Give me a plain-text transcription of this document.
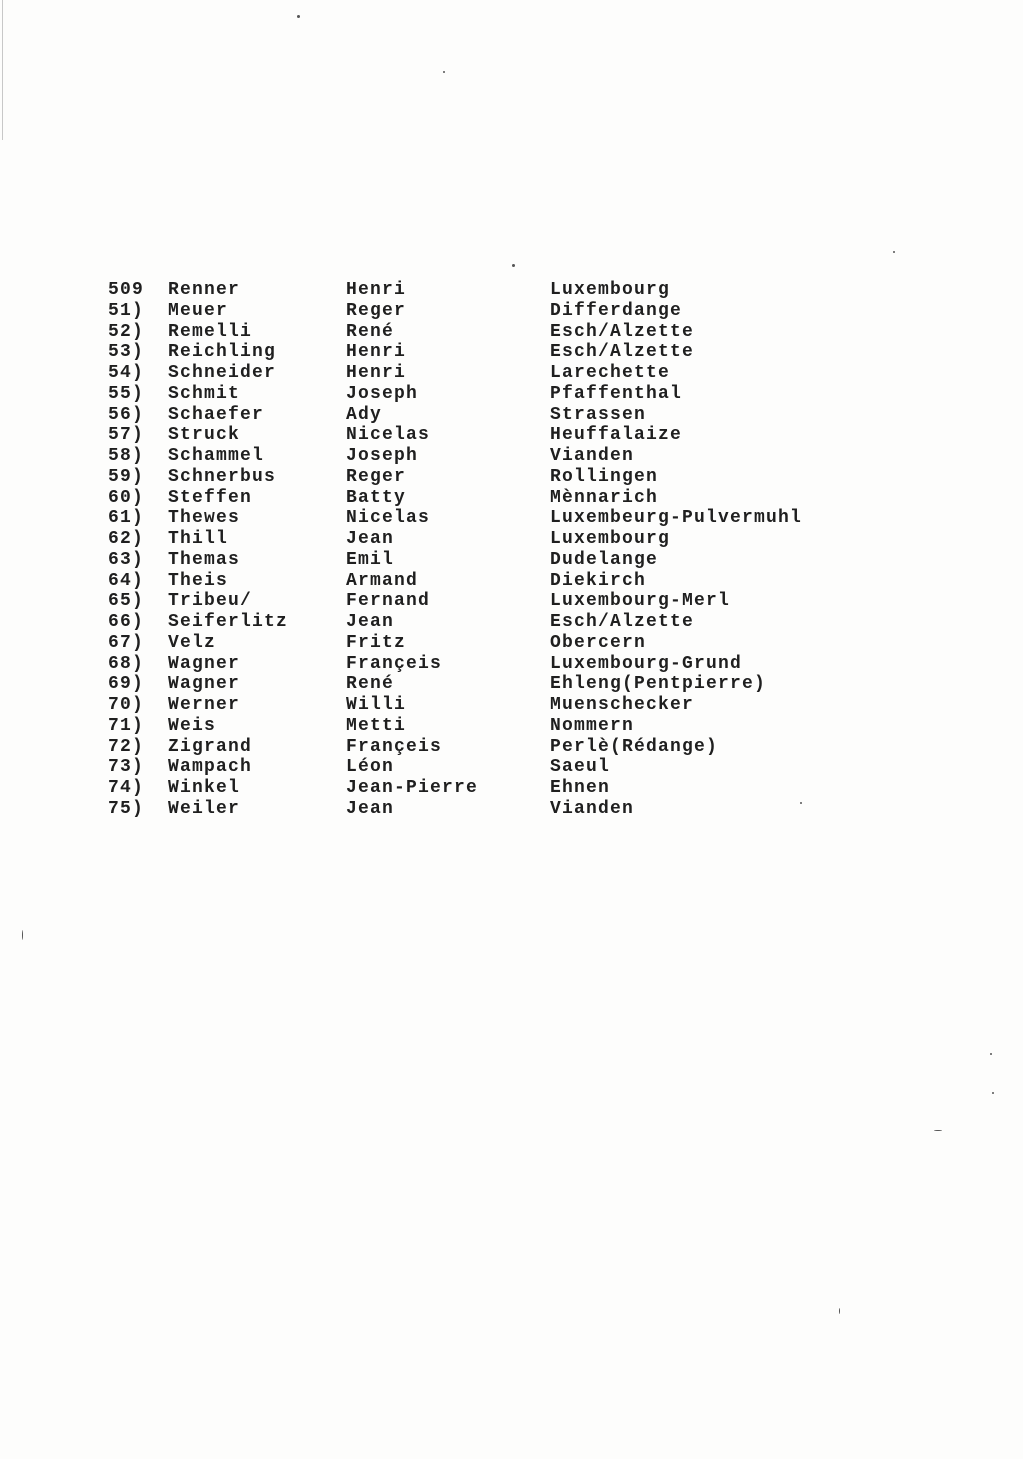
509 Renner	Henri	Luxembourg
51) Meuer	Reger	Differdange
52) Remelli	René	Esch/Alzette
53) Reichling	Henri	Esch/Alzette
54) Schneider	Henri	Larechette
55) Schmit	Joseph	Pfaffenthal
56) Schaefer	Ady	Strassen
57) Struck	Nicelas	Heuffalaize
58) Schammel	Joseph	Vianden
59) Schnerbus	Reger	Rollingen
60) Steffen	Batty	Mènnarich
61) Thewes	Nicelas	Luxembeurg-Pulvermuhl
62) Thill	Jean	Luxembourg
63) Themas	Emil	Dudelange
64) Theis	Armand	Diekirch
65) Tribeu/	Fernand	Luxembourg-Merl
66) Seiferlitz	Jean	Esch/Alzette
67) Velz	Fritz	Obercern
68) Wagner	Françeis	Luxembourg-Grund
69) Wagner	René	Ehleng(Pentpierre)
70) Werner	Willi	Muenschecker
71) Weis	Metti	Nommern
72) Zigrand	Françeis	Perlè(Rédange)
73) Wampach	Léon	Saeul
74) Winkel	Jean-Pierre	Ehnen
75) Weiler	Jean	Vianden
